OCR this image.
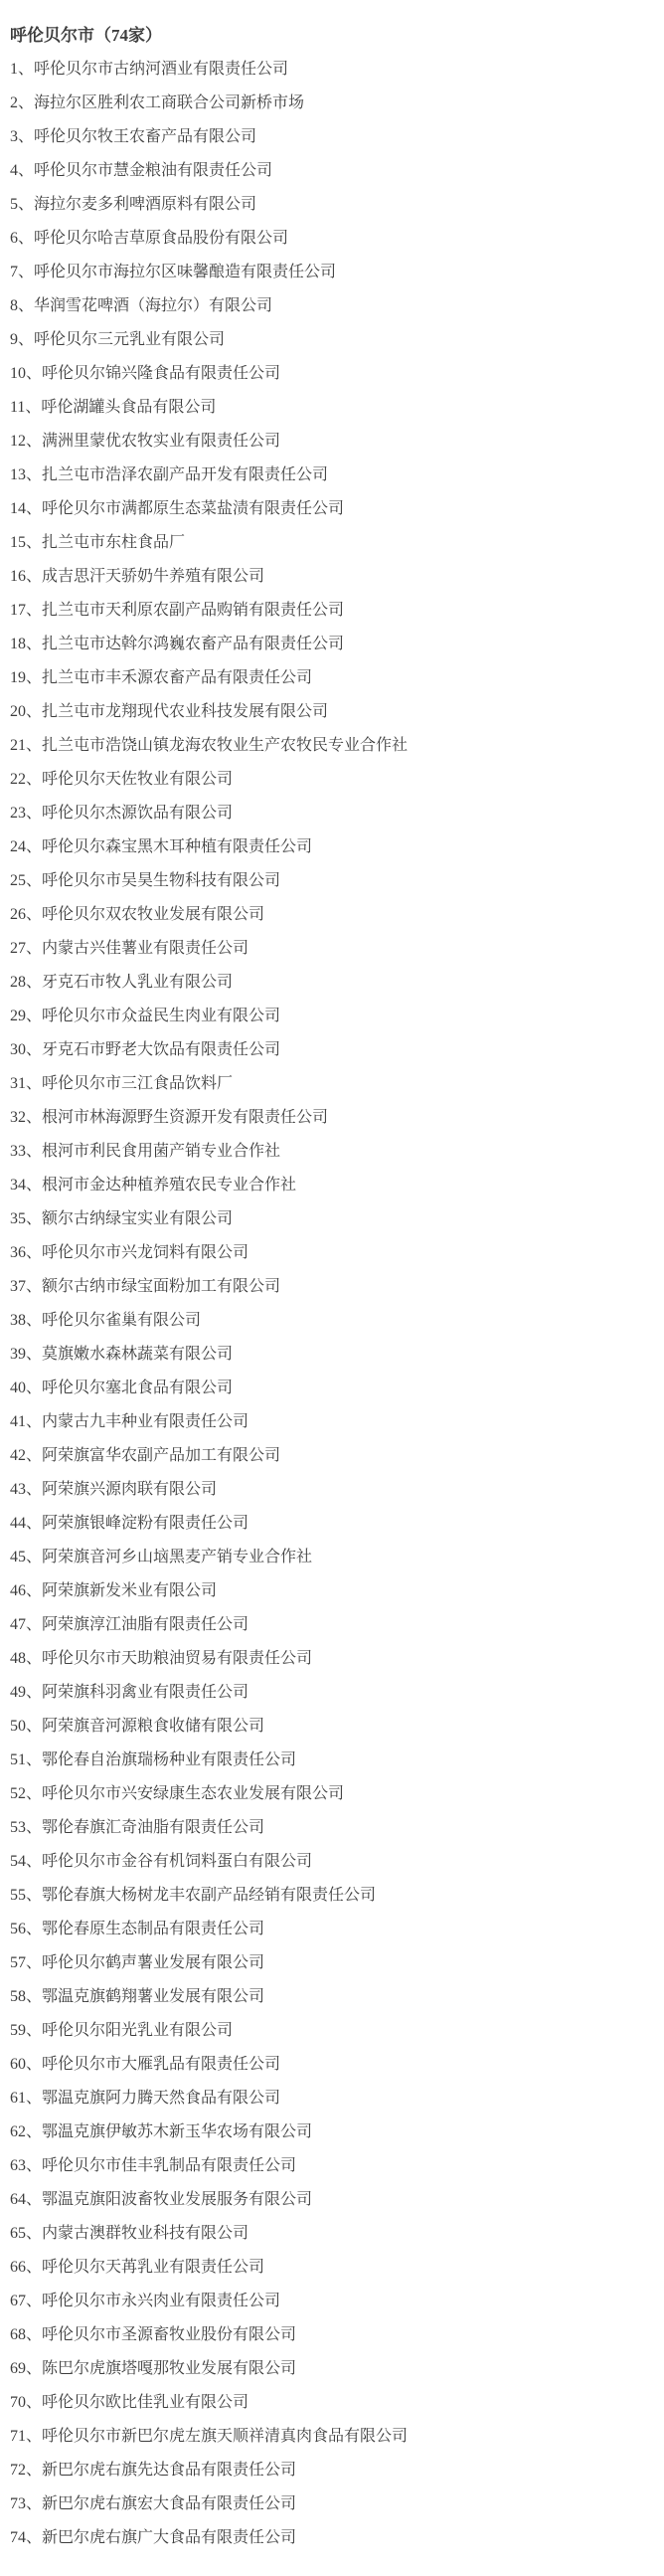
呼伦贝尔市（74家）
1、呼伦贝尔市古纳河酒业有限责任公司
2、海拉尔区胜利农工商联合公司新桥市场
3、呼伦贝尔牧王农畜产品有限公司
4、呼伦贝尔市慧金粮油有限责任公司
5、海拉尔麦多利啤酒原料有限公司
6、呼伦贝尔哈吉草原食品股份有限公司
7、呼伦贝尔市海拉尔区味馨酿造有限责任公司
8、华润雪花啤酒（海拉尔）有限公司
9、呼伦贝尔三元乳业有限公司
10、呼伦贝尔锦兴隆食品有限责任公司
11、呼伦湖罐头食品有限公司
12、满洲里蒙优农牧实业有限责任公司
13、扎兰屯市浩泽农副产品开发有限责任公司
14、呼伦贝尔市满都原生态菜盐渍有限责任公司
15、扎兰屯市东柱食品厂
16、成吉思汗天骄奶牛养殖有限公司
17、扎兰屯市天利原农副产品购销有限责任公司
18、扎兰屯市达斡尔鸿巍农畜产品有限责任公司
19、扎兰屯市丰禾源农畜产品有限责任公司
20、扎兰屯市龙翔现代农业科技发展有限公司
21、扎兰屯市浩饶山镇龙海农牧业生产农牧民专业合作社
22、呼伦贝尔天佐牧业有限公司
23、呼伦贝尔杰源饮品有限公司
24、呼伦贝尔森宝黑木耳种植有限责任公司
25、呼伦贝尔市吴昊生物科技有限公司
26、呼伦贝尔双农牧业发展有限公司
27、内蒙古兴佳薯业有限责任公司
28、牙克石市牧人乳业有限公司
29、呼伦贝尔市众益民生肉业有限公司
30、牙克石市野老大饮品有限责任公司
31、呼伦贝尔市三江食品饮料厂
32、根河市林海源野生资源开发有限责任公司
33、根河市利民食用菌产销专业合作社
34、根河市金达种植养殖农民专业合作社
35、额尔古纳绿宝实业有限公司
36、呼伦贝尔市兴龙饲料有限公司
37、额尔古纳市绿宝面粉加工有限公司
38、呼伦贝尔雀巢有限公司
39、莫旗嫩水森林蔬菜有限公司
40、呼伦贝尔塞北食品有限公司
41、内蒙古九丰种业有限责任公司
42、阿荣旗富华农副产品加工有限公司
43、阿荣旗兴源肉联有限公司
44、阿荣旗银峰淀粉有限责任公司
45、阿荣旗音河乡山垴黑麦产销专业合作社
46、阿荣旗新发米业有限公司
47、阿荣旗淳江油脂有限责任公司
48、呼伦贝尔市天助粮油贸易有限责任公司
49、阿荣旗科羽禽业有限责任公司
50、阿荣旗音河源粮食收储有限公司
51、鄂伦春自治旗瑞杨种业有限责任公司
52、呼伦贝尔市兴安绿康生态农业发展有限公司
53、鄂伦春旗汇奇油脂有限责任公司
54、呼伦贝尔市金谷有机饲料蛋白有限公司
55、鄂伦春旗大杨树龙丰农副产品经销有限责任公司
56、鄂伦春原生态制品有限责任公司
57、呼伦贝尔鹤声薯业发展有限公司
58、鄂温克旗鹤翔薯业发展有限公司
59、呼伦贝尔阳光乳业有限公司
60、呼伦贝尔市大雁乳品有限责任公司
61、鄂温克旗阿力腾天然食品有限公司
62、鄂温克旗伊敏苏木新玉华农场有限公司
63、呼伦贝尔市佳丰乳制品有限责任公司
64、鄂温克旗阳波畜牧业发展服务有限公司
65、内蒙古澳群牧业科技有限公司
66、呼伦贝尔天苒乳业有限责任公司
67、呼伦贝尔市永兴肉业有限责任公司
68、呼伦贝尔市圣源畜牧业股份有限公司
69、陈巴尔虎旗塔嘎那牧业发展有限公司
70、呼伦贝尔欧比佳乳业有限公司
71、呼伦贝尔市新巴尔虎左旗天顺祥清真肉食品有限公司
72、新巴尔虎右旗先达食品有限责任公司
73、新巴尔虎右旗宏大食品有限责任公司
74、新巴尔虎右旗广大食品有限责任公司
